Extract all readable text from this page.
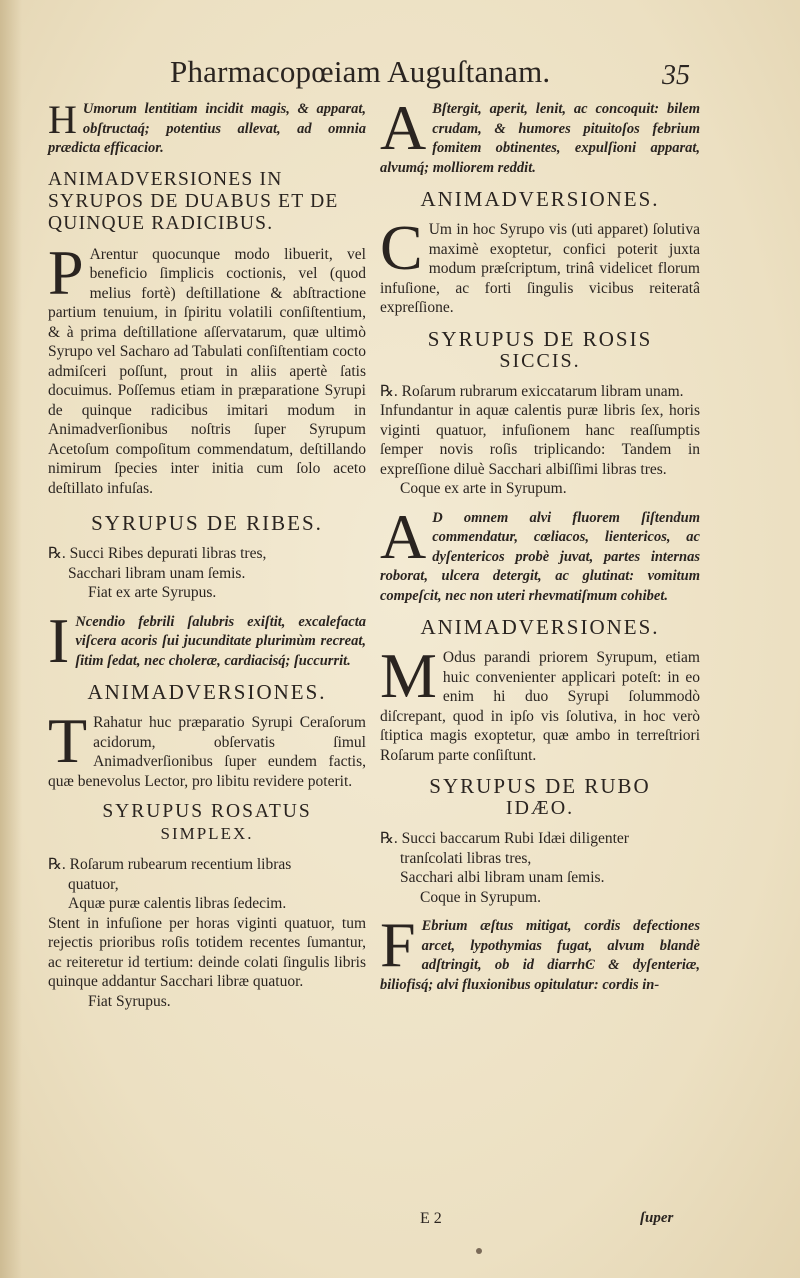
Pharmacopœiam Auguſtanam.	35
H Umorum lentitiam incidit magis, & apparat, obſtructaq́; potentius allevat, ad omnia prædicta efficacior.

ANIMADVERSIONES IN SYRUPOS DE DUABUS ET DE QUINQUE RADICIBUS.
P Arentur quocunque modo libuerit, vel beneficio ſimplicis coctionis, vel (quod melius fortè) deſtillatione & abſtractione partium tenuium, in ſpiritu volatili conſiſtentium, & à prima deſtillatione aſſervatarum, quæ ultimò Syrupo vel Sacharo ad Tabulati conſiſtentiam cocto admiſceri poſſunt, prout in aliis apertè ſatis docuimus. Poſſemus etiam in præparatione Syrupi de quinque radicibus imitari modum in Animadverſionibus noſtris ſuper Syrupum Acetoſum compoſitum commendatum, deſtillando nimirum ſpecies inter initia cum ſolo aceto deſtillato infuſas.

SYRUPUS DE RIBES.
℞. Succi Ribes depurati libras tres,
Sacchari libram unam ſemis.
Fiat ex arte Syrupus.
I Ncendio febrili ſalubris exiſtit, excalefacta viſcera acoris ſui jucunditate plurimùm recreat, ſitim ſedat, nec choleræ, cardiacisq́; ſuccurrit.

ANIMADVERSIONES.
T Rahatur huc præparatio Syrupi Ceraſorum acidorum, obſervatis ſimul Animadverſionibus ſuper eundem factis, quæ benevolus Lector, pro libitu revidere poterit.

SYRUPUS ROSATUS
SIMPLEX.
℞. Roſarum rubearum recentium libras
quatuor,
Aquæ puræ calentis libras ſedecim.
Stent in infuſione per horas viginti quatuor, tum rejectis prioribus roſis totidem recentes ſumantur, ac reiteretur id tertium: deinde colati ſingulis libris quinque addantur Sacchari libræ quatuor.
Fiat Syrupus.
A Bſtergit, aperit, lenit, ac concoquit: bilem crudam, & humores pituitoſos febrium fomitem obtinentes, expulſioni apparat, alvumq́; molliorem reddit.

ANIMADVERSIONES.
C Um in hoc Syrupo vis (uti apparet) ſolutiva maximè exoptetur, confici poterit juxta modum præſcriptum, trinâ videlicet florum infuſione, ac forti ſingulis vicibus reiteratâ expreſſione.

SYRUPUS DE ROSIS
SICCIS.
℞. Roſarum rubrarum exiccatarum libram unam.
Infundantur in aquæ calentis puræ libris ſex, horis viginti quatuor, infuſionem hanc reaſſumptis ſemper novis roſis triplicando: Tandem in expreſſione diluè Sacchari albiſſimi libras tres.
Coque ex arte in Syrupum.
A D omnem alvi fluorem ſiſtendum commendatur, cœliacos, lientericos, ac dyſentericos probè juvat, partes internas roborat, ulcera detergit, ac glutinat: vomitum compeſcit, nec non uteri rhevmatiſmum cohibet.

ANIMADVERSIONES.
M Odus parandi priorem Syrupum, etiam huic convenienter applicari poteſt: in eo enim hi duo Syrupi ſolummodò diſcrepant, quod in ipſo vis ſolutiva, in hoc verò ſtiptica magis exoptetur, quæ ambo in terreſtriori Roſarum parte conſiſtunt.

SYRUPUS DE RUBO
IDÆO.
℞. Succi baccarum Rubi Idæi diligenter
tranſcolati libras tres,
Sacchari albi libram unam ſemis.
Coque in Syrupum.
F Ebrium æſtus mitigat, cordis defectiones arcet, lypothymias fugat, alvum blandè adſtringit, ob id diarrhϾ & dyſenteriæ, biliofisq́; alvi fluxionibus opitulatur: cordis in-

E 2	ſuper
